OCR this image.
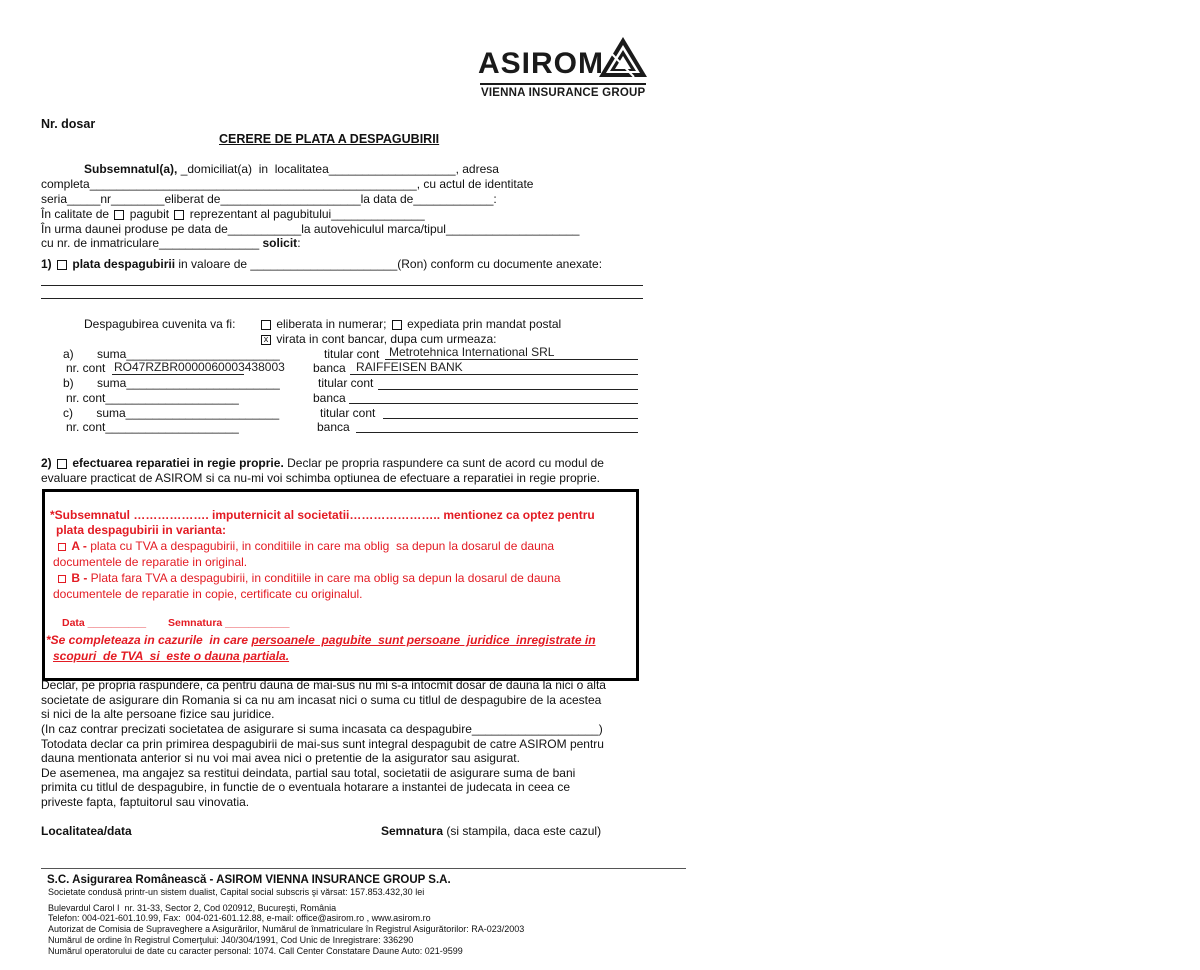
ASIROM
VIENNA INSURANCE GROUP
Nr. dosar
CERERE DE PLATA A DESPAGUBIRII
Subsemnatul(a), _domiciliat(a)  in  localitatea___________________, adresa
completa_________________________________________________, cu actul de identitate
seria_____nr________eliberat de_____________________la data de____________:
În calitate de  pagubit  reprezentant al pagubitului______________
În urma daunei produse pe data de___________la autovehiculul marca/tipul____________________
cu nr. de inmatriculare_______________ solicit:
1)  plata despagubirii in valoare de ______________________(Ron) conform cu documente anexate:
Despagubirea cuvenita va fi:	eliberata in numerar; expediata prin mandat postal
x virata in cont bancar, dupa cum urmeaza:
a)       suma_______________________	titular cont Metrotehnica International SRL
nr. cont RO47RZBR0000060003438003 banca RAIFFEISEN BANK
b)       suma_______________________	titular cont
nr. cont____________________	banca
c)       suma_______________________	titular cont
nr. cont____________________	banca
2)  efectuarea reparatiei in regie proprie. Declar pe propria raspundere ca sunt de acord cu modul de
evaluare practicat de ASIROM si ca nu-mi voi schimba optiunea de efectuare a reparatiei in regie proprie.
*Subsemnatul ………………. imputernicit al societatii………………….. mentionez ca optez pentru
plata despagubirii in varianta:
A - plata cu TVA a despagubirii, in conditiile in care ma oblig  sa depun la dosarul de dauna
documentele de reparatie in original.
B - Plata fara TVA a despagubirii, in conditiile in care ma oblig sa depun la dosarul de dauna
documentele de reparatie in copie, certificate cu originalul.
Data __________ Semnatura ___________
*Se completeaza in cazurile  in care persoanele  pagubite  sunt persoane  juridice  inregistrate in
scopuri  de TVA  si  este o dauna partiala.
Declar, pe propria raspundere, ca pentru dauna de mai-sus nu mi s-a intocmit dosar de dauna la nici o alta
societate de asigurare din Romania si ca nu am incasat nici o suma cu titlul de despagubire de la acestea
si nici de la alte persoane fizice sau juridice.
(In caz contrar precizati societatea de asigurare si suma incasata ca despagubire___________________)
Totodata declar ca prin primirea despagubirii de mai-sus sunt integral despagubit de catre ASIROM pentru
dauna mentionata anterior si nu voi mai avea nici o pretentie de la asigurator sau asigurat.
De asemenea, ma angajez sa restitui deindata, partial sau total, societatii de asigurare suma de bani
primita cu titlul de despagubire, in functie de o eventuala hotarare a instantei de judecata in ceea ce
priveste fapta, faptuitorul sau vinovatia.
Localitatea/data	Semnatura (si stampila, daca este cazul)
S.C. Asigurarea Românească - ASIROM VIENNA INSURANCE GROUP S.A.
Societate condusă printr-un sistem dualist, Capital social subscris şi vărsat: 157.853.432,30 lei
Bulevardul Carol I  nr. 31-33, Sector 2, Cod 020912, Bucureşti, România
Telefon: 004-021-601.10.99, Fax:  004-021-601.12.88, e-mail: office@asirom.ro , www.asirom.ro
Autorizat de Comisia de Supraveghere a Asigurărilor, Numărul de înmatriculare în Registrul Asigurătorilor: RA-023/2003
Numărul de ordine în Registrul Comerţului: J40/304/1991, Cod Unic de Inregistrare: 336290
Numărul operatorului de date cu caracter personal: 1074. Call Center Constatare Daune Auto: 021-9599
